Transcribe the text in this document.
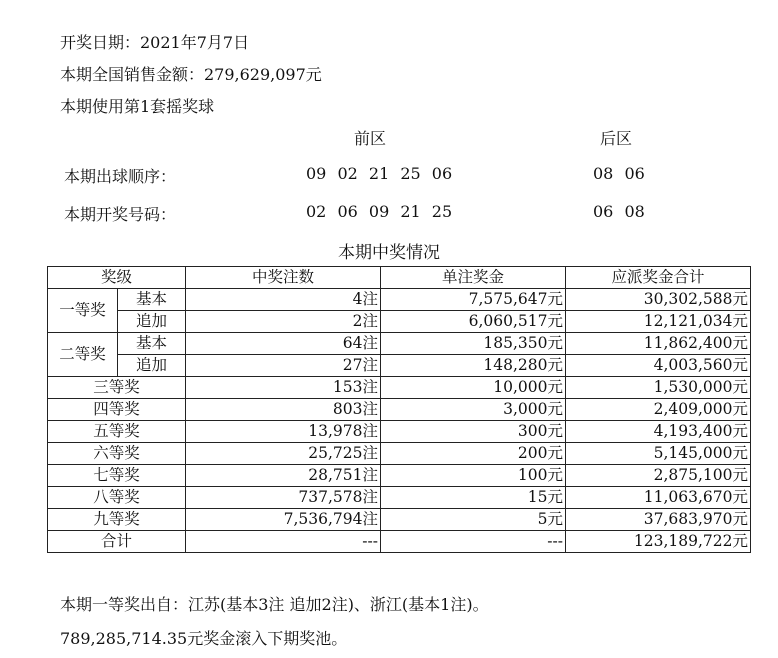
开奖日期：2021年7月7日
本期全国销售金额：279,629,097元
本期使用第1套摇奖球
前区	后区
本期出球顺序：	09 02 21 25 06	08 06
本期开奖号码：	02 06 09 21 25	06 08
本期中奖情况
奖级		中奖注数	单注奖金	应派奖金合计
一等奖	基本	4注	7,575,647元	30,302,588元
	追加	2注	6,060,517元	12,121,034元
二等奖	基本	64注	185,350元	11,862,400元
	追加	27注	148,280元	4,003,560元
三等奖		153注	10,000元	1,530,000元
四等奖		803注	3,000元	2,409,000元
五等奖		13,978注	300元	4,193,400元
六等奖		25,725注	200元	5,145,000元
七等奖		28,751注	100元	2,875,100元
八等奖		737,578注	15元	11,063,670元
九等奖		7,536,794注	5元	37,683,970元
合计		---	---	123,189,722元
本期一等奖出自：江苏(基本3注 追加2注)、浙江(基本1注)。
789,285,714.35元奖金滚入下期奖池。
